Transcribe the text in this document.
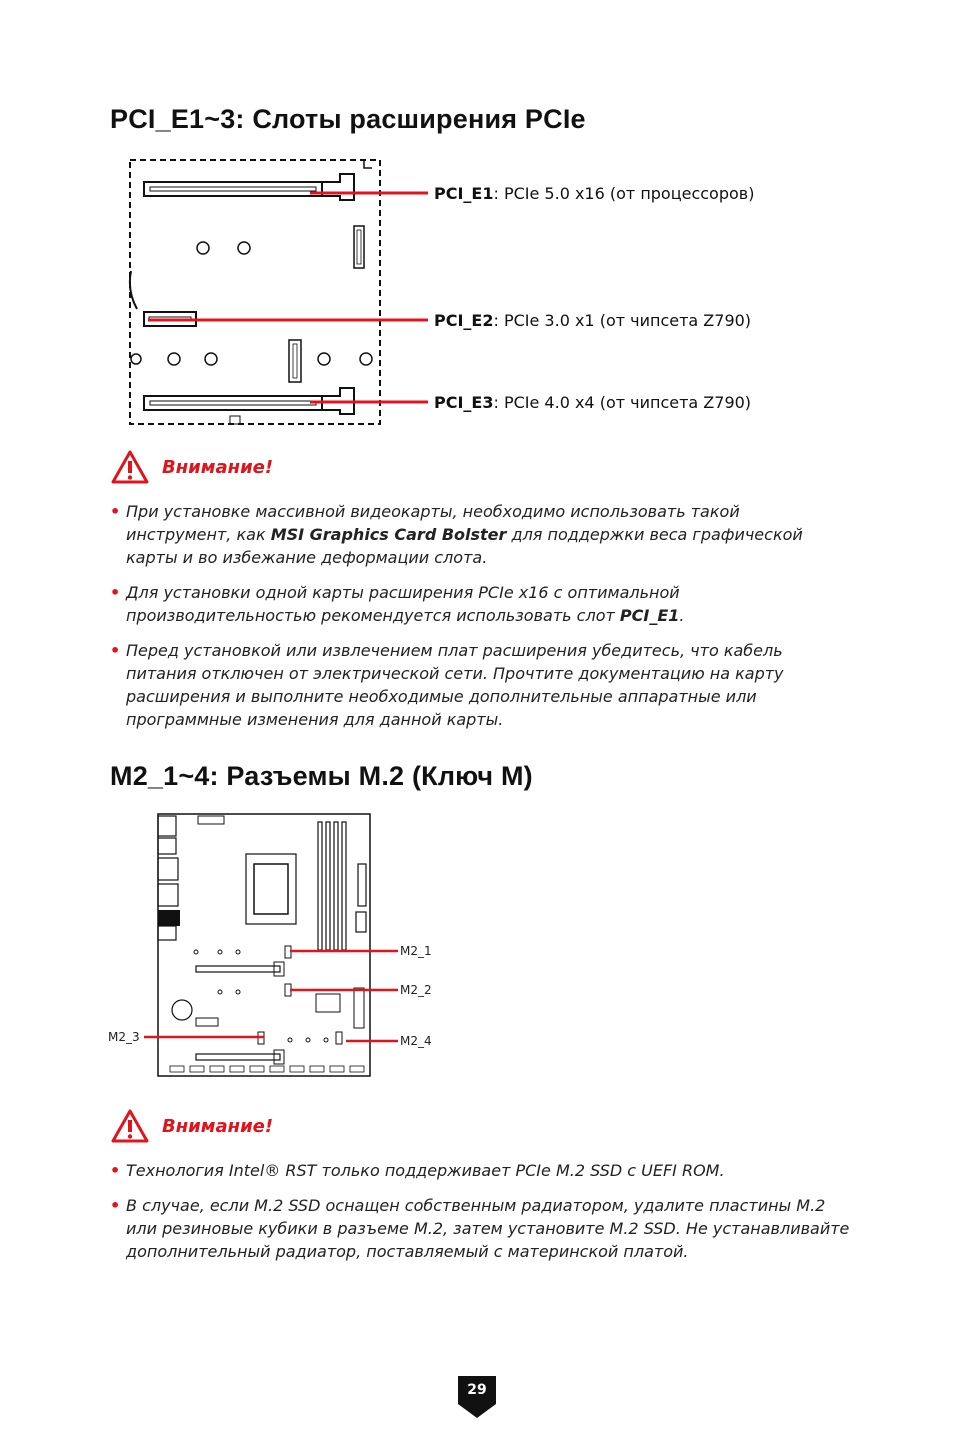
PCI_E1~3: Слоты расширения PCIe
PCI_E1: PCIe 5.0 x16 (от процессоров)
PCI_E2: PCIe 3.0 x1 (от чипсета Z790)
PCI_E3: PCIe 4.0 x4 (от чипсета Z790)
Внимание!
• При установке массивной видеокарты, необходимо использовать такой инструмент, как MSI Graphics Card Bolster для поддержки веса графической карты и во избежание деформации слота.
• Для установки одной карты расширения PCIe x16 с оптимальной производительностью рекомендуется использовать слот PCI_E1.
• Перед установкой или извлечением плат расширения убедитесь, что кабель питания отключен от электрической сети. Прочтите документацию на карту расширения и выполните необходимые дополнительные аппаратные или программные изменения для данной карты.
M2_1~4: Разъемы M.2 (Ключ M)
M2_1
M2_2
M2_3	M2_4
Внимание!
• Технология Intel® RST только поддерживает PCIe M.2 SSD с UEFI ROM.
• В случае, если M.2 SSD оснащен собственным радиатором, удалите пластины M.2 или резиновые кубики в разъеме M.2, затем установите M.2 SSD. Не устанавливайте дополнительный радиатор, поставляемый с материнской платой.
29
